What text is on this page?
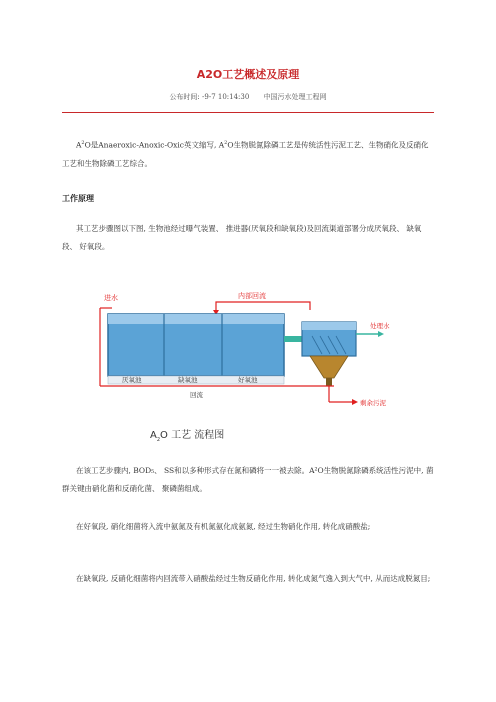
A2O工艺概述及原理
公布时间: -9-7 10:14:30 中国污水处理工程网

$A^2O$是Anaeroxic-Anoxic-Oxic英文缩写, $A^2O$生物脱氮除磷工艺是传统活性污泥工艺、生物硝化及反硝化工艺和生物除磷工艺综合。

工作原理

其工艺步骤图以下图, 生物池经过曝气装置、 推进器(厌氧段和缺氧段)及回流渠道部署分成厌氧段、 缺氧段、 好氧段。

进水	内部回流
厌氧池	缺氧池	好氧池
处理水
回流
剩余污泥
$A_2O$ 工艺 流程图

在该工艺步骤内, BOD₅、 SS和以多种形式存在氮和磷将一一被去除。A²O生物脱氮除磷系统活性污泥中, 菌群关键由硝化菌和反硝化菌、 聚磷菌组成。

在好氧段, 硝化细菌将入流中氨氮及有机氮氨化成氨氮, 经过生物硝化作用, 转化成硝酸盐;

在缺氧段, 反硝化细菌将内回流带入硝酸盐经过生物反硝化作用, 转化成氮气逸入到大气中, 从而达成脱氮目;
